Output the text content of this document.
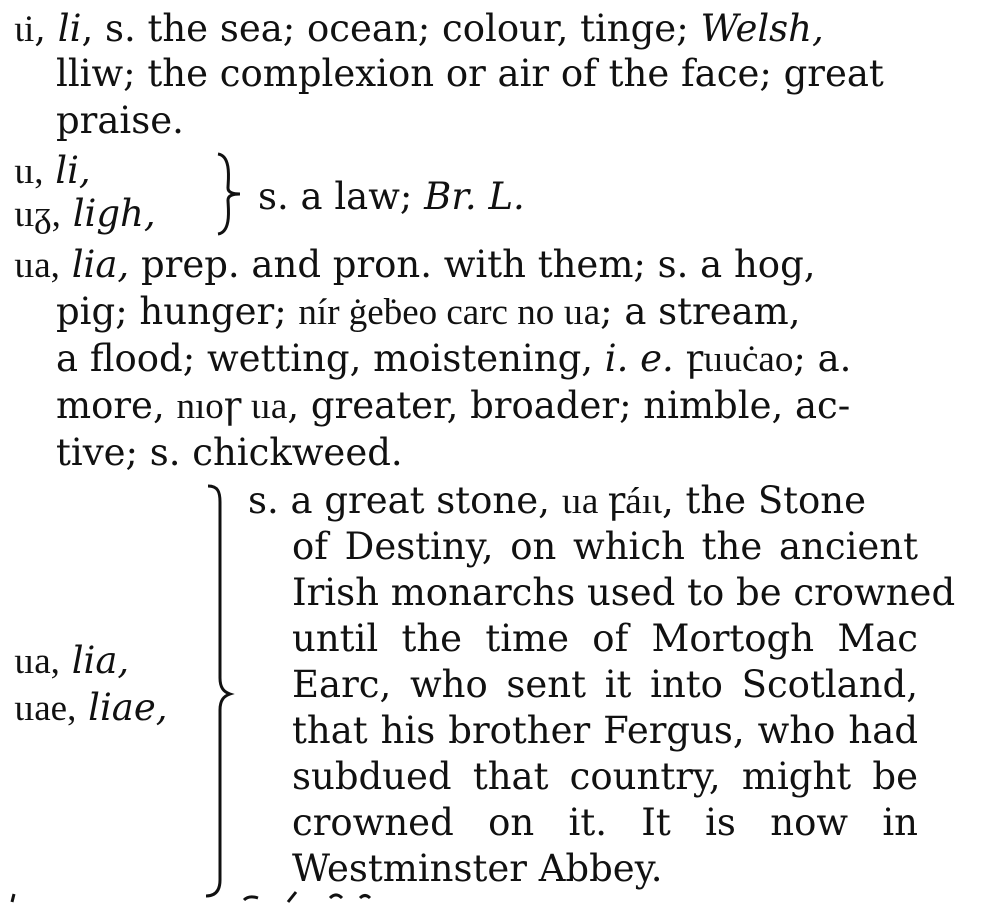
ɩi, li, s. the sea; ocean; colour, tinge; Welsh,
lliw; the complexion or air of the face; great
praise.
ɩı, li,
ɩıᵹ, ligh,	s. a law; Br. L.
ɩıa, lia, prep. and pron. with them; s. a hog,
pig; hunger; nír ġeḃeo carc no ɩıa; a stream,
a flood; wetting, moistening, i. e. ꝼɩıuċao; a.
more, nıoꞅ ɩıa, greater, broader; nimble, ac-
tive; s. chickweed.
ɩıa, lia,
ɩıae, liae,
s. a great stone, ɩıa ꝼáıɩ, the Stone
of Destiny, on which the ancient
Irish monarchs used to be crowned
until the time of Mortogh Mac
Earc, who sent it into Scotland,
that his brother Fergus, who had
subdued that country, might be
crowned on it. It is now in
Westminster Abbey.
